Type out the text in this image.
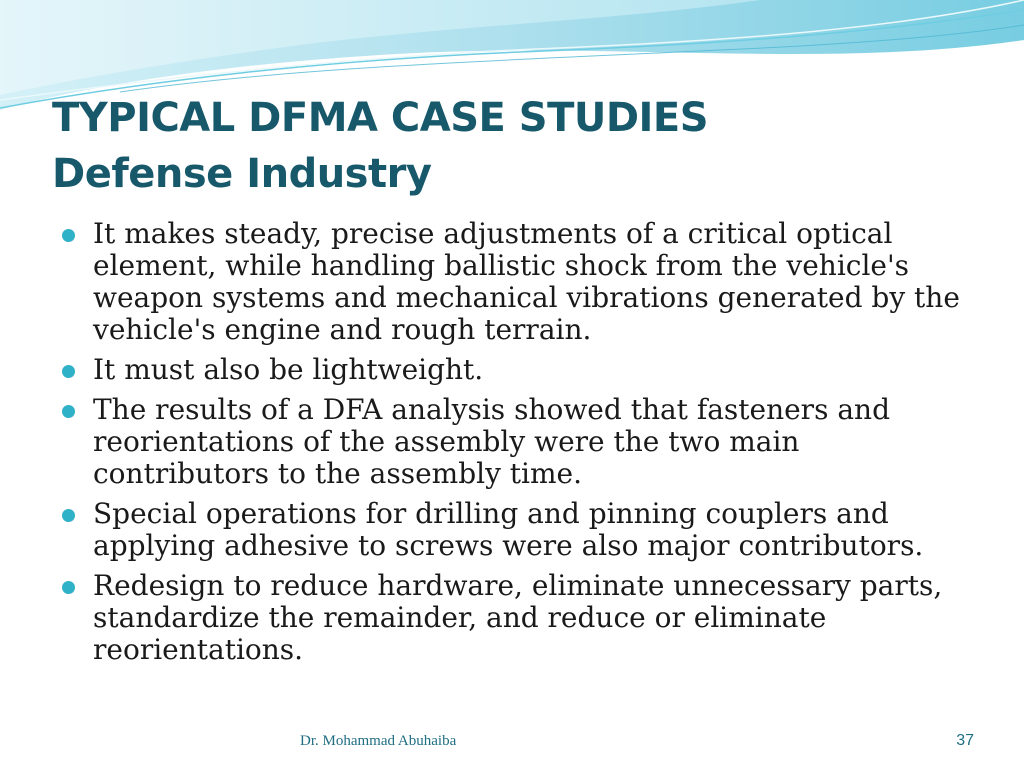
TYPICAL DFMA CASE STUDIES
Defense Industry
It makes steady, precise adjustments of a critical optical element, while handling ballistic shock from the vehicle's weapon systems and mechanical vibrations generated by the vehicle's engine and rough terrain.
It must also be lightweight.
The results of a DFA analysis showed that fasteners and reorientations of the assembly were the two main contributors to the assembly time.
Special operations for drilling and pinning couplers and applying adhesive to screws were also major contributors.
Redesign to reduce hardware, eliminate unnecessary parts, standardize the remainder, and reduce or eliminate reorientations.
Dr. Mohammad Abuhaiba	37
